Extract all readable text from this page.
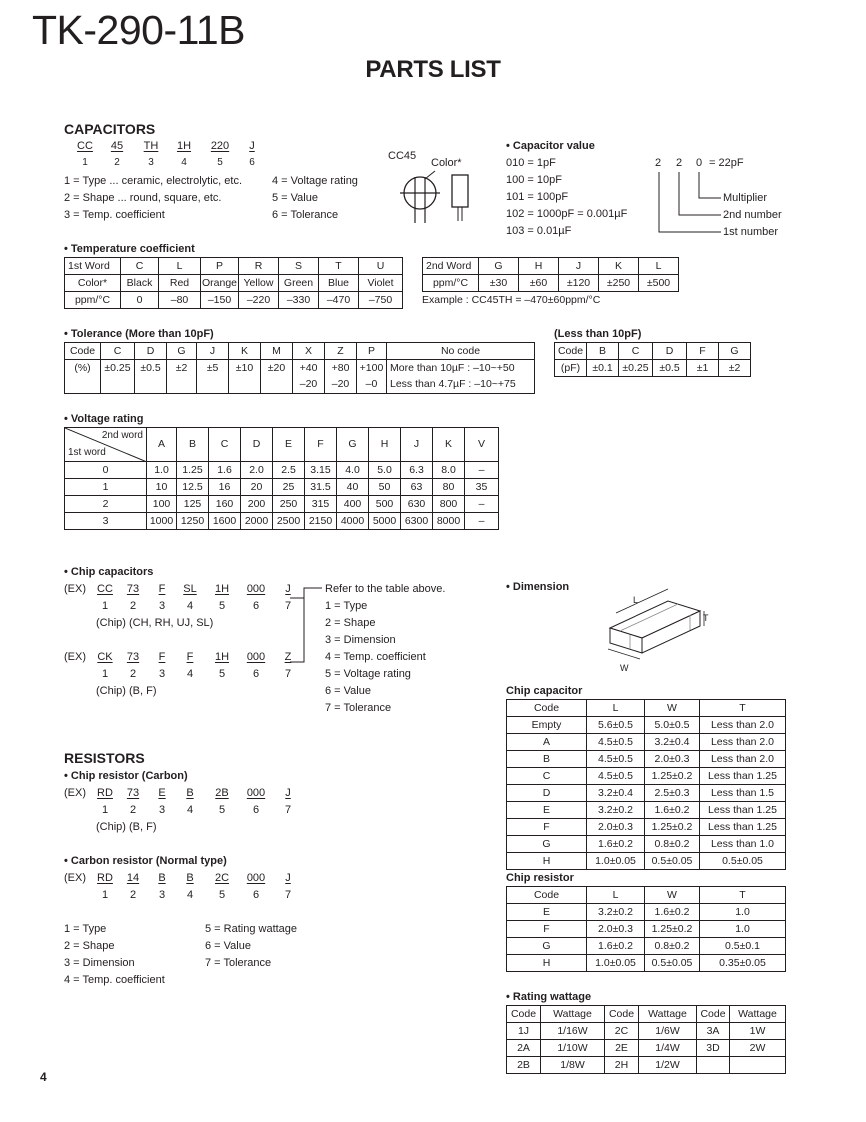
TK-290-11B
PARTS LIST
CAPACITORS
CC	45	TH	1H	220	J
1	2	3	4	5	6
1 = Type ... ceramic, electrolytic, etc.
2 = Shape ... round, square, etc.
3 = Temp. coefficient
4 = Voltage rating
5 = Value
6 = Tolerance
CC45
Color*
• Capacitor value
010 = 1pF
100 = 10pF
101 = 100pF
102 = 1000pF = 0.001µF
103 = 0.01µF
2 2 0 = 22pF
Multiplier
2nd number
1st number
• Temperature coefficient
1st Word	C	L	P	R	S	T	U
Color*	Black	Red	Orange	Yellow	Green	Blue	Violet
ppm/°C	0	–80	–150	–220	–330	–470	–750
2nd Word	G	H	J	K	L
ppm/°C	±30	±60	±120	±250	±500
Example : CC45TH = –470±60ppm/°C
• Tolerance (More than 10pF)
Code	C	D	G	J	K	M	X	Z	P	No code
(%)	±0.25	±0.5	±2	±5	±10	±20	+40	+80	+100	More than 10µF : –10~+50
							–20	–20	–0	Less than 4.7µF : –10~+75
(Less than 10pF)
Code	B	C	D	F	G
(pF)	±0.1	±0.25	±0.5	±1	±2
• Voltage rating
2nd word
1st word	A	B	C	D	E	F	G	H	J	K	V
0	1.0	1.25	1.6	2.0	2.5	3.15	4.0	5.0	6.3	8.0	–
1	10	12.5	16	20	25	31.5	40	50	63	80	35
2	100	125	160	200	250	315	400	500	630	800	–
3	1000	1250	1600	2000	2500	2150	4000	5000	6300	8000	–
• Chip capacitors
(EX)	CC	73	F	SL	1H	000	J
1	2	3	4	5	6	7
(Chip) (CH, RH, UJ, SL)
(EX)	CK	73	F	F	1H	000	Z
1	2	3	4	5	6	7
(Chip) (B, F)
Refer to the table above.
1 = Type
2 = Shape
3 = Dimension
4 = Temp. coefficient
5 = Voltage rating
6 = Value
7 = Tolerance
• Dimension
L
T
W
Chip capacitor
Code	L	W	T
Empty	5.6±0.5	5.0±0.5	Less than 2.0
A	4.5±0.5	3.2±0.4	Less than 2.0
B	4.5±0.5	2.0±0.3	Less than 2.0
C	4.5±0.5	1.25±0.2	Less than 1.25
D	3.2±0.4	2.5±0.3	Less than 1.5
E	3.2±0.2	1.6±0.2	Less than 1.25
F	2.0±0.3	1.25±0.2	Less than 1.25
G	1.6±0.2	0.8±0.2	Less than 1.0
H	1.0±0.05	0.5±0.05	0.5±0.05
Chip resistor
Code	L	W	T
E	3.2±0.2	1.6±0.2	1.0
F	2.0±0.3	1.25±0.2	1.0
G	1.6±0.2	0.8±0.2	0.5±0.1
H	1.0±0.05	0.5±0.05	0.35±0.05
RESISTORS
• Chip resistor (Carbon)
(EX)	RD	73	E	B	2B	000	J
1	2	3	4	5	6	7
(Chip) (B, F)
• Carbon resistor (Normal type)
(EX)	RD	14	B	B	2C	000	J
1	2	3	4	5	6	7
1 = Type
2 = Shape
3 = Dimension
4 = Temp. coefficient
5 = Rating wattage
6 = Value
7 = Tolerance
• Rating wattage
Code	Wattage	Code	Wattage	Code	Wattage
1J	1/16W	2C	1/6W	3A	1W
2A	1/10W	2E	1/4W	3D	2W
2B	1/8W	2H	1/2W		
4
